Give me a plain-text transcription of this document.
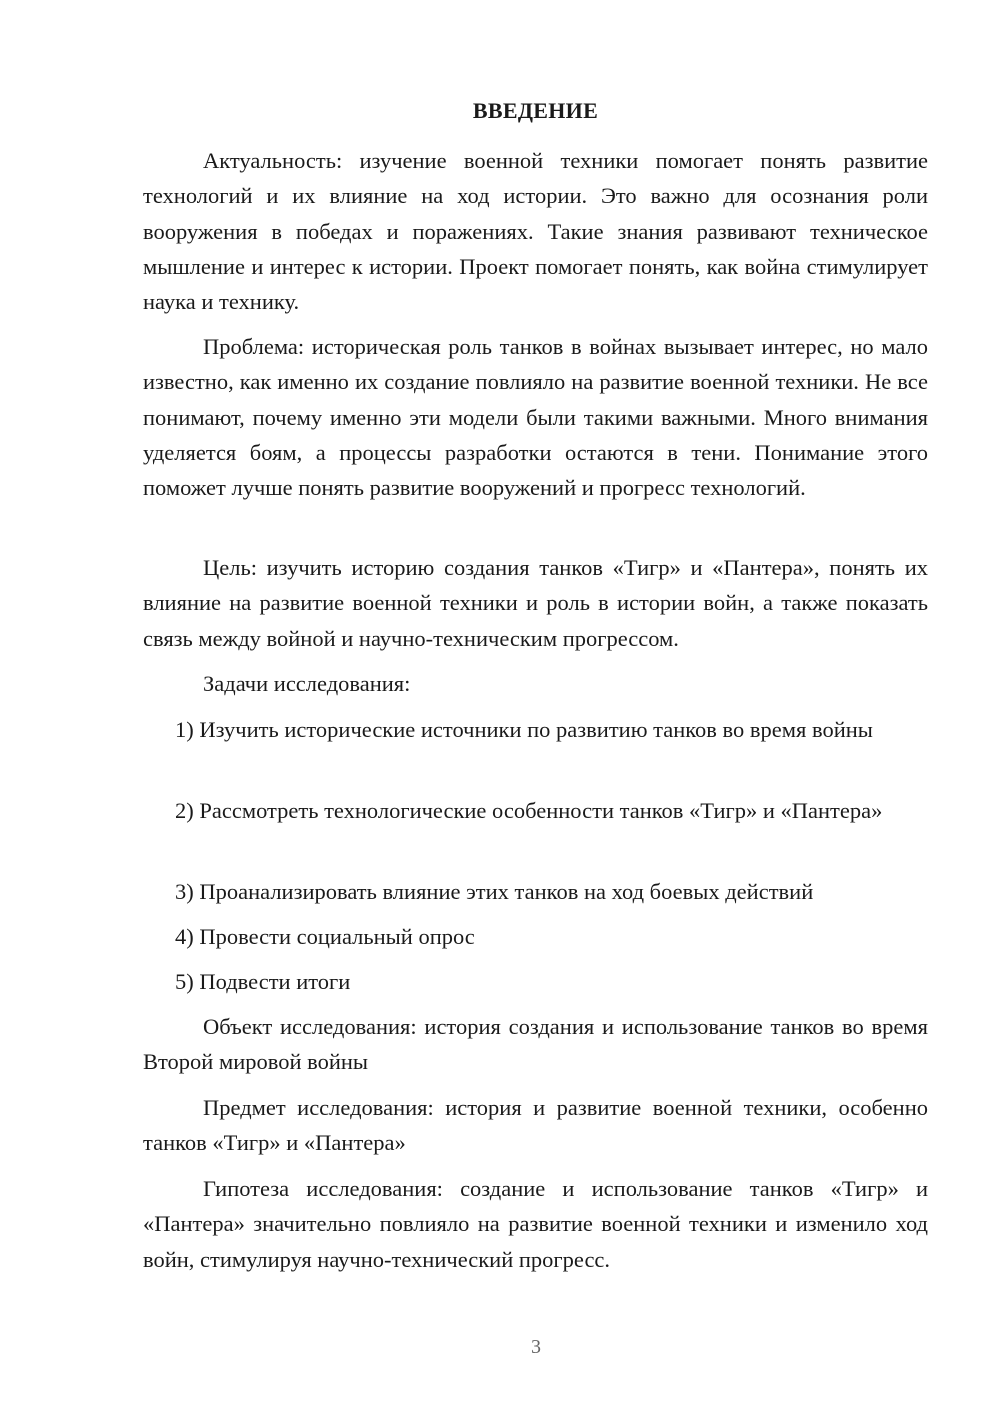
ВВЕДЕНИЕ

Актуальность: изучение военной техники помогает понять развитие технологий и их влияние на ход истории. Это важно для осознания роли вооружения в победах и поражениях. Такие знания развивают техническое мышление и интерес к истории. Проект помогает понять, как война стимулирует наука и технику.

Проблема: историческая роль танков в войнах вызывает интерес, но мало известно, как именно их создание повлияло на развитие военной техники. Не все понимают, почему именно эти модели были такими важными. Много внимания уделяется боям, а процессы разработки остаются в тени. Понимание этого поможет лучше понять развитие вооружений и прогресс технологий.

Цель: изучить историю создания танков «Тигр» и «Пантера», понять их влияние на развитие военной техники и роль в истории войн, а также показать связь между войной и научно-техническим прогрессом.

Задачи исследования:

1) Изучить исторические источники по развитию танков во время войны

2) Рассмотреть технологические особенности танков «Тигр» и «Пантера»

3) Проанализировать влияние этих танков на ход боевых действий

4) Провести социальный опрос

5) Подвести итоги

Объект исследования: история создания и использование танков во время Второй мировой войны

Предмет исследования: история и развитие военной техники, особенно танков «Тигр» и «Пантера»

Гипотеза исследования: создание и использование танков «Тигр» и «Пантера» значительно повлияло на развитие военной техники и изменило ход войн, стимулируя научно-технический прогресс.

3
